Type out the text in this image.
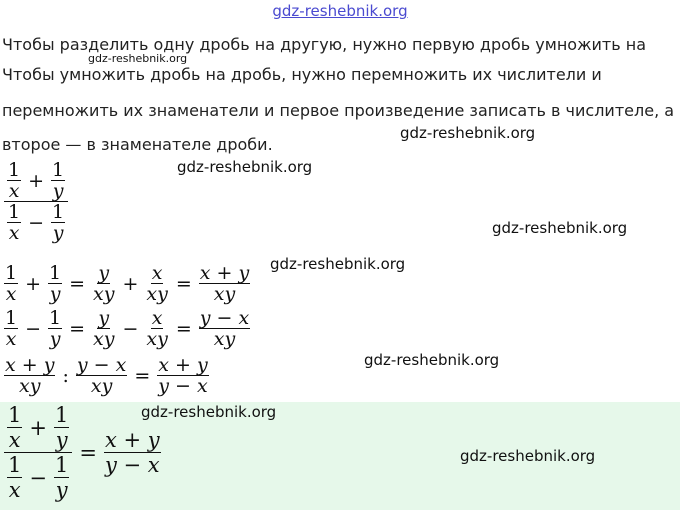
gdz-reshebnik.org
gdz-reshebnik.org
gdz-reshebnik.org
gdz-reshebnik.org
gdz-reshebnik.org
gdz-reshebnik.org
gdz-reshebnik.org
gdz-reshebnik.org
gdz-reshebnik.org
Чтобы разделить одну дробь на другую, нужно первую дробь умножить на
Чтобы умножить дробь на дробь, нужно перемножить их числители и
перемножить их знаменатели и первое произведение записать в числителе, а
второе — в знаменателе дроби.
$\frac{\frac{1}{x} + \frac{1}{y}}{\frac{1}{x} - \frac{1}{y}}$
$\frac{1}{x} + \frac{1}{y} = \frac{y}{xy} + \frac{x}{xy} = \frac{x + y}{xy}$
$\frac{1}{x} - \frac{1}{y} = \frac{y}{xy} - \frac{x}{xy} = \frac{y - x}{xy}$
$\frac{x + y}{xy}$ : $\frac{y - x}{xy} = \frac{x + y}{y - x}$
$\frac{\frac{1}{x} + \frac{1}{y}}{\frac{1}{x} - \frac{1}{y}} = \frac{x + y}{y - x}$
